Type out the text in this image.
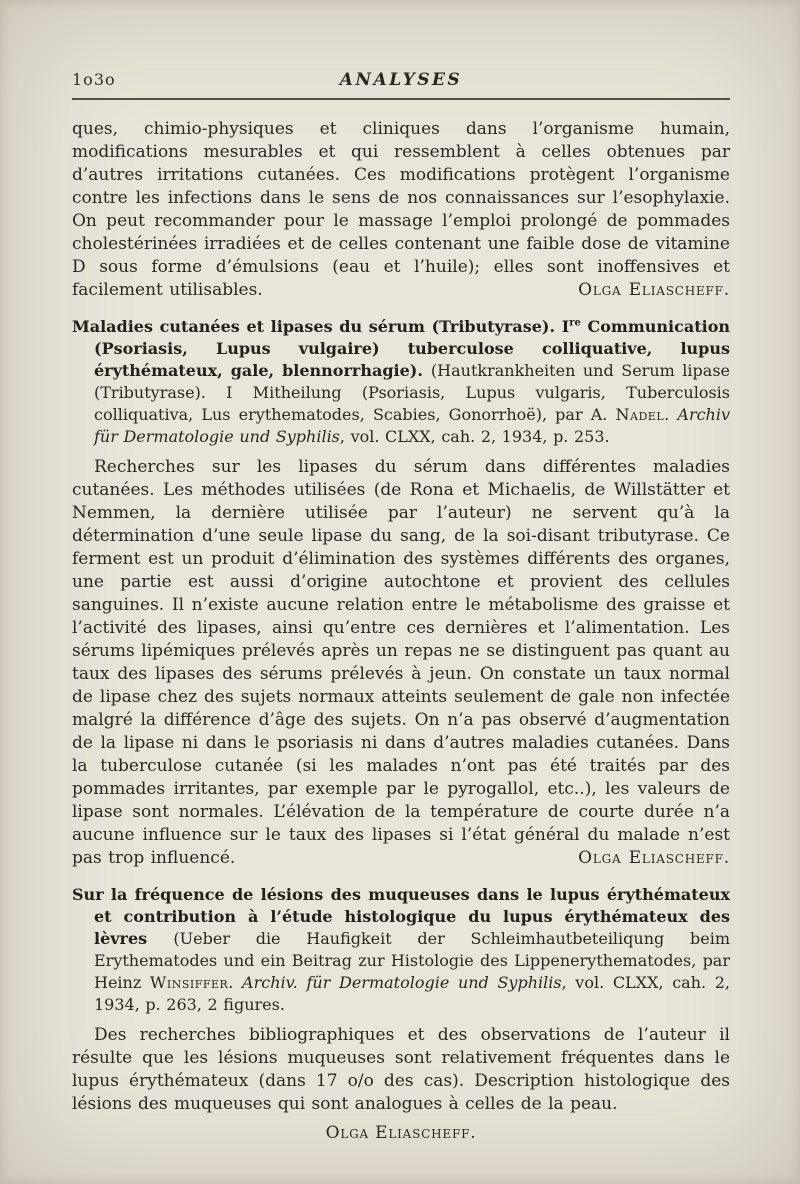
1o3o	ANALYSES

ques, chimio-physiques et cliniques dans l’organisme humain, modifications mesurables et qui ressemblent à celles obtenues par d’autres irritations cutanées. Ces modifications protègent l’organisme contre les infections dans le sens de nos connaissances sur l’esophylaxie. On peut recommander pour le massage l’emploi prolongé de pommades cholestérinées irradiées et de celles contenant une faible dose de vitamine D sous forme d’émulsions (eau et l’huile); elles sont inoffensives et facilement utilisables.	Olga Eliascheff.

Maladies cutanées et lipases du sérum (Tributyrase). Ire Communication (Psoriasis, Lupus vulgaire) tuberculose colliquative, lupus érythémateux, gale, blennorrhagie). (Hautkrankheiten und Serum lipase (Tributyrase). I Mitheilung (Psoriasis, Lupus vulgaris, Tuberculosis colliquativa, Lus erythematodes, Scabies, Gonorrhoë), par A. Nadel. Archiv für Dermatologie und Syphilis, vol. CLXX, cah. 2, 1934, p. 253.

Recherches sur les lipases du sérum dans différentes maladies cutanées. Les méthodes utilisées (de Rona et Michaelis, de Willstätter et Nemmen, la dernière utilisée par l’auteur) ne servent qu’à la détermination d’une seule lipase du sang, de la soi-disant tributyrase. Ce ferment est un produit d’élimination des systèmes différents des organes, une partie est aussi d’origine autochtone et provient des cellules sanguines. Il n’existe aucune relation entre le métabolisme des graisse et l’activité des lipases, ainsi qu’entre ces dernières et l’alimentation. Les sérums lipémiques prélevés après un repas ne se distinguent pas quant au taux des lipases des sérums prélevés à jeun. On constate un taux normal de lipase chez des sujets normaux atteints seulement de gale non infectée malgré la différence d’âge des sujets. On n’a pas observé d’augmentation de la lipase ni dans le psoriasis ni dans d’autres maladies cutanées. Dans la tuberculose cutanée (si les malades n’ont pas été traités par des pommades irritantes, par exemple par le pyrogallol, etc..), les valeurs de lipase sont normales. L’élévation de la température de courte durée n’a aucune influence sur le taux des lipases si l’état général du malade n’est pas trop influencé.	Olga Eliascheff.

Sur la fréquence de lésions des muqueuses dans le lupus érythémateux et contribution à l’étude histologique du lupus érythémateux des lèvres (Ueber die Haufigkeit der Schleimhautbeteiliqung beim Erythematodes und ein Beitrag zur Histologie des Lippenerythematodes, par Heinz Winsiffer. Archiv. für Dermatologie und Syphilis, vol. CLXX, cah. 2, 1934, p. 263, 2 figures.

Des recherches bibliographiques et des observations de l’auteur il résulte que les lésions muqueuses sont relativement fréquentes dans le lupus érythémateux (dans 17 o/o des cas). Description histologique des lésions des muqueuses qui sont analogues à celles de la peau.

Olga Eliascheff.
